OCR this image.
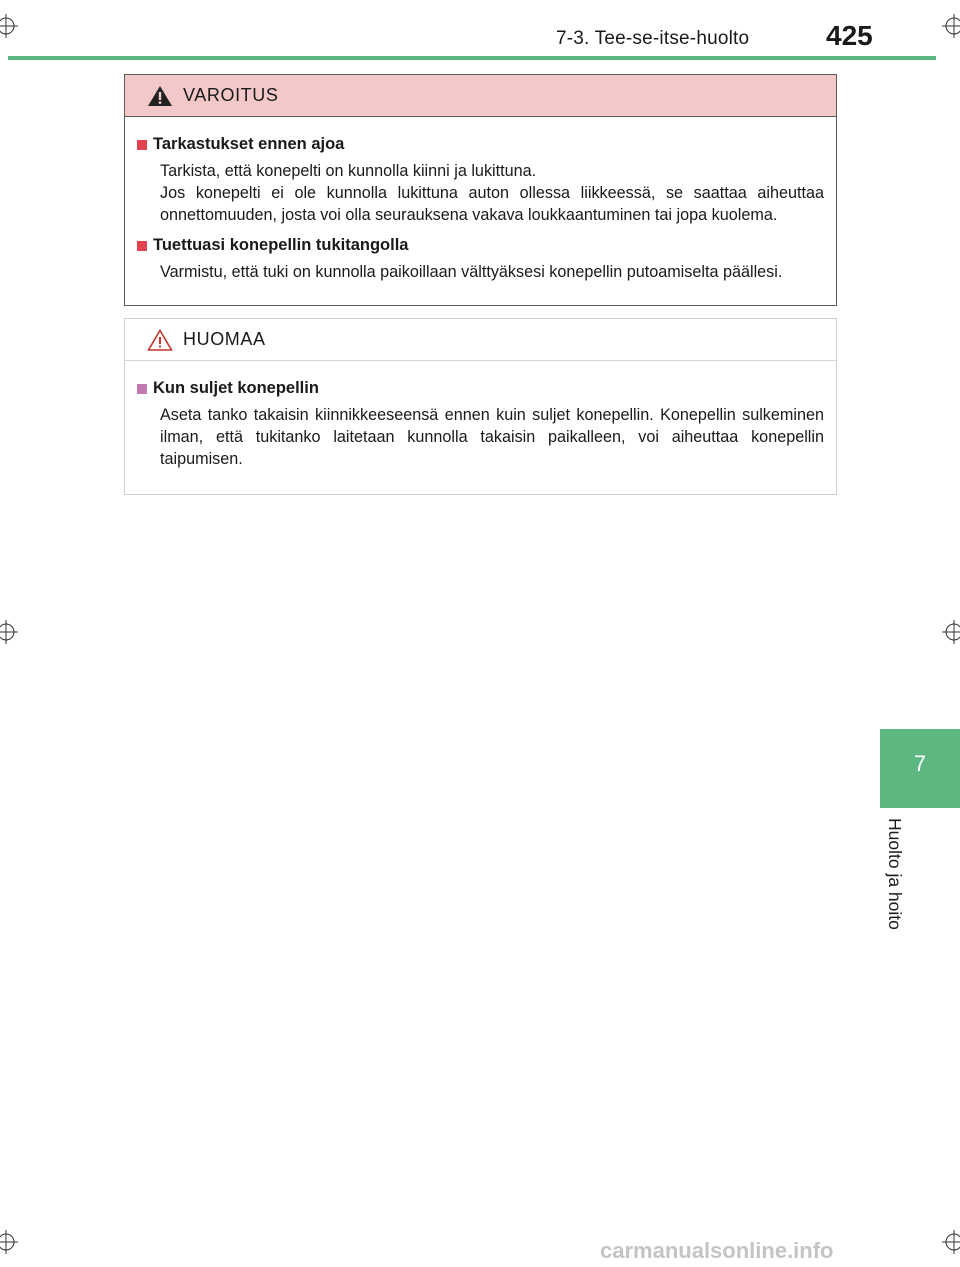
7-3. Tee-se-itse-huolto	425
VAROITUS
Tarkastukset ennen ajoa
Tarkista, että konepelti on kunnolla kiinni ja lukittuna.
Jos konepelti ei ole kunnolla lukittuna auton ollessa liikkeessä, se saattaa aiheuttaa onnettomuuden, josta voi olla seurauksena vakava loukkaantuminen tai jopa kuolema.
Tuettuasi konepellin tukitangolla
Varmistu, että tuki on kunnolla paikoillaan välttyäksesi konepellin putoamiselta päällesi.
HUOMAA
Kun suljet konepellin
Aseta tanko takaisin kiinnikkeeseensä ennen kuin suljet konepellin. Konepellin sulkeminen ilman, että tukitanko laitetaan kunnolla takaisin paikalleen, voi aiheuttaa konepellin taipumisen.
7
Huolto ja hoito
carmanualsonline.info
